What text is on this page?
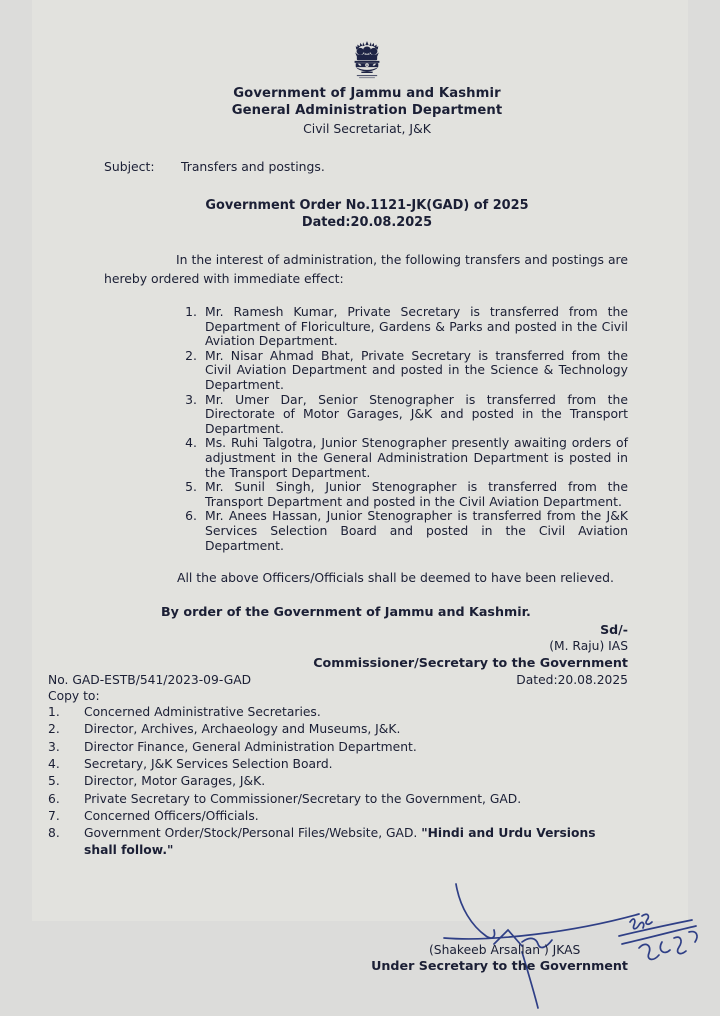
Government of Jammu and Kashmir
General Administration Department
Civil Secretariat, J&K
Subject:	Transfers and postings.
Government Order No.1121-JK(GAD) of 2025
Dated:20.08.2025
In the interest of administration, the following transfers and postings are hereby ordered with immediate effect:
1. Mr. Ramesh Kumar, Private Secretary is transferred from the Department of Floriculture, Gardens & Parks and posted in the Civil Aviation Department.
2. Mr. Nisar Ahmad Bhat, Private Secretary is transferred from the Civil Aviation Department and posted in the Science & Technology Department.
3. Mr. Umer Dar, Senior Stenographer is transferred from the Directorate of Motor Garages, J&K and posted in the Transport Department.
4. Ms. Ruhi Talgotra, Junior Stenographer presently awaiting orders of adjustment in the General Administration Department is posted in the Transport Department.
5. Mr. Sunil Singh, Junior Stenographer is transferred from the Transport Department and posted in the Civil Aviation Department.
6. Mr. Anees Hassan, Junior Stenographer is transferred from the J&K Services Selection Board and posted in the Civil Aviation Department.
All the above Officers/Officials shall be deemed to have been relieved.
By order of the Government of Jammu and Kashmir.
Sd/-
(M. Raju) IAS
Commissioner/Secretary to the Government
No. GAD-ESTB/541/2023-09-GAD	Dated:20.08.2025
Copy to:
1. Concerned Administrative Secretaries.
2. Director, Archives, Archaeology and Museums, J&K.
3. Director Finance, General Administration Department.
4. Secretary, J&K Services Selection Board.
5. Director, Motor Garages, J&K.
6. Private Secretary to Commissioner/Secretary to the Government, GAD.
7. Concerned Officers/Officials.
8. Government Order/Stock/Personal Files/Website, GAD. "Hindi and Urdu Versions
shall follow."
(Shakeeb Arsallan ) JKAS
Under Secretary to the Government
